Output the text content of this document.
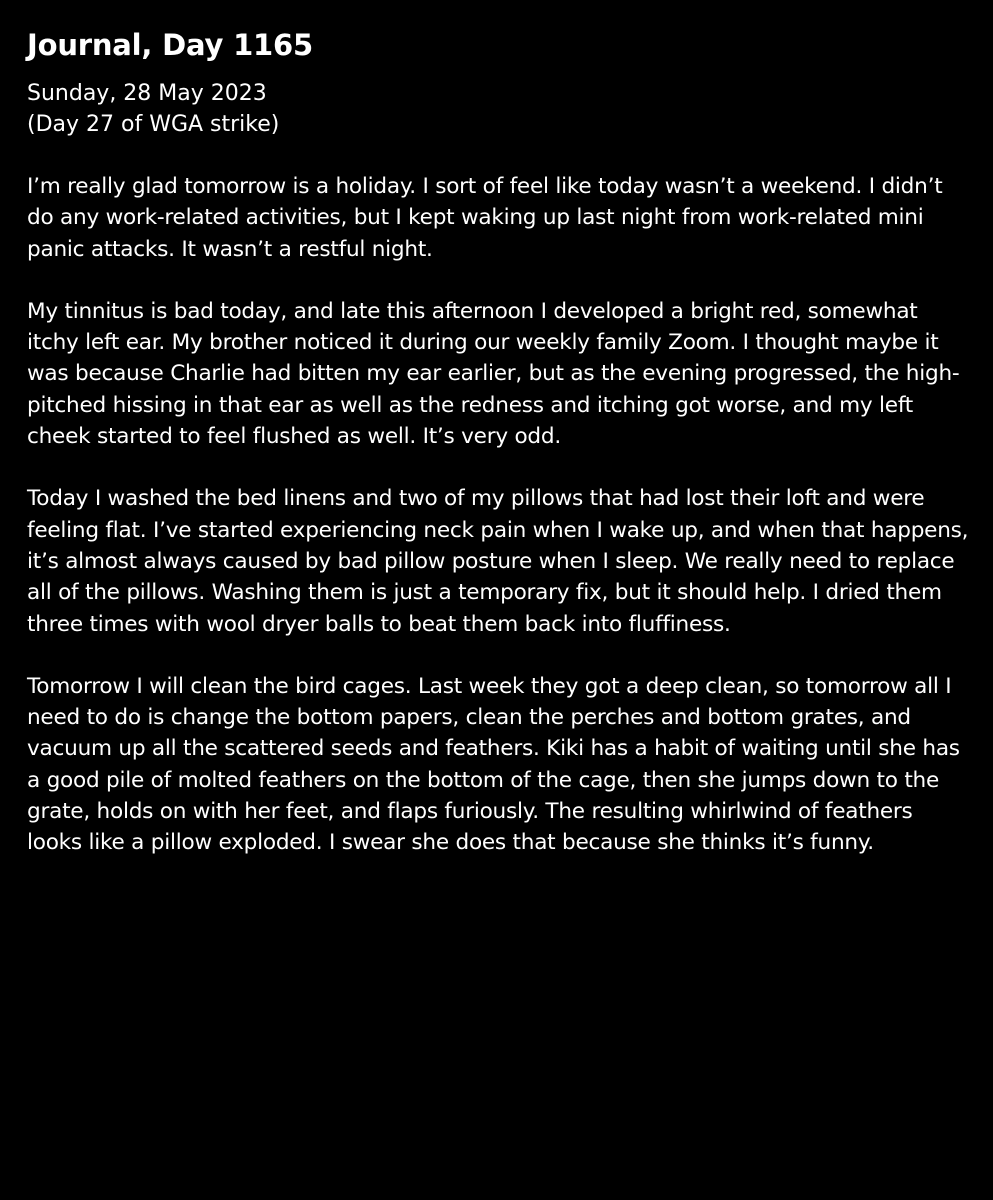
Journal, Day 1165
Sunday, 28 May 2023
(Day 27 of WGA strike)

I’m really glad tomorrow is a holiday. I sort of feel like today wasn’t a weekend. I didn’t do any work-related activities, but I kept waking up last night from work-related mini panic attacks. It wasn’t a restful night.

My tinnitus is bad today, and late this afternoon I developed a bright red, somewhat itchy left ear. My brother noticed it during our weekly family Zoom. I thought maybe it was because Charlie had bitten my ear earlier, but as the evening progressed, the high-pitched hissing in that ear as well as the redness and itching got worse, and my left cheek started to feel flushed as well. It’s very odd.

Today I washed the bed linens and two of my pillows that had lost their loft and were feeling flat. I’ve started experiencing neck pain when I wake up, and when that happens, it’s almost always caused by bad pillow posture when I sleep. We really need to replace all of the pillows. Washing them is just a temporary fix, but it should help. I dried them three times with wool dryer balls to beat them back into fluffiness.

Tomorrow I will clean the bird cages. Last week they got a deep clean, so tomorrow all I need to do is change the bottom papers, clean the perches and bottom grates, and vacuum up all the scattered seeds and feathers. Kiki has a habit of waiting until she has a good pile of molted feathers on the bottom of the cage, then she jumps down to the grate, holds on with her feet, and flaps furiously. The resulting whirlwind of feathers looks like a pillow exploded. I swear she does that because she thinks it’s funny.
